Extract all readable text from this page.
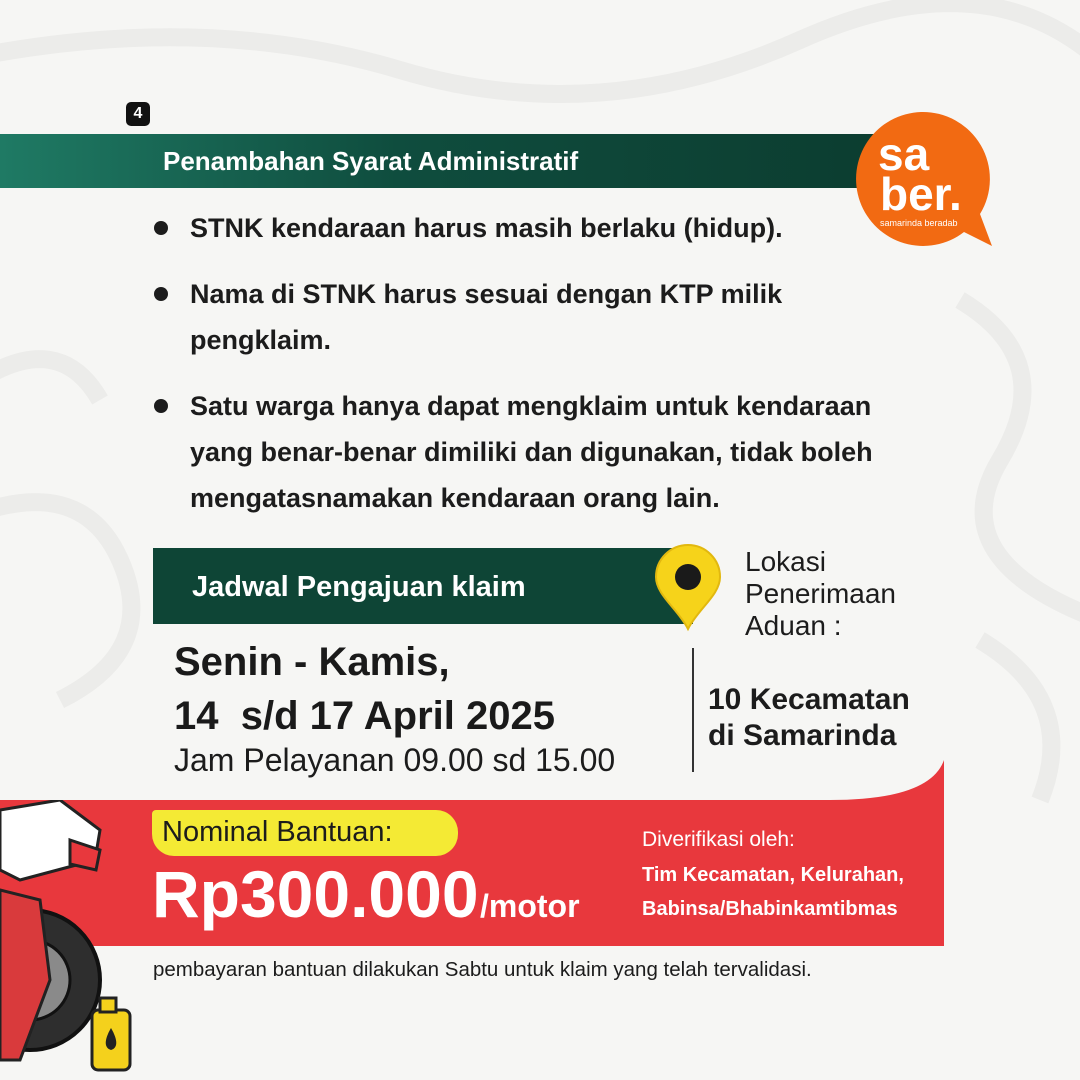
4
Penambahan Syarat Administratif	sa
ber.
samarinda beradab
STNK kendaraan harus masih berlaku (hidup).
Nama di STNK harus sesuai dengan KTP milik
pengklaim.
Satu warga hanya dapat mengklaim untuk kendaraan
yang benar-benar dimiliki dan digunakan, tidak boleh
mengatasnamakan kendaraan orang lain.
Jadwal Pengajuan klaim
Lokasi
Penerimaan
Aduan :
Senin - Kamis,
14  s/d 17 April 2025
Jam Pelayanan 09.00 sd 15.00
10 Kecamatan
di Samarinda
Nominal Bantuan:
Rp300.000 /motor
Diverifikasi oleh:
Tim Kecamatan, Kelurahan,
Babinsa/Bhabinkamtibmas
pembayaran bantuan dilakukan Sabtu untuk klaim yang telah tervalidasi.
